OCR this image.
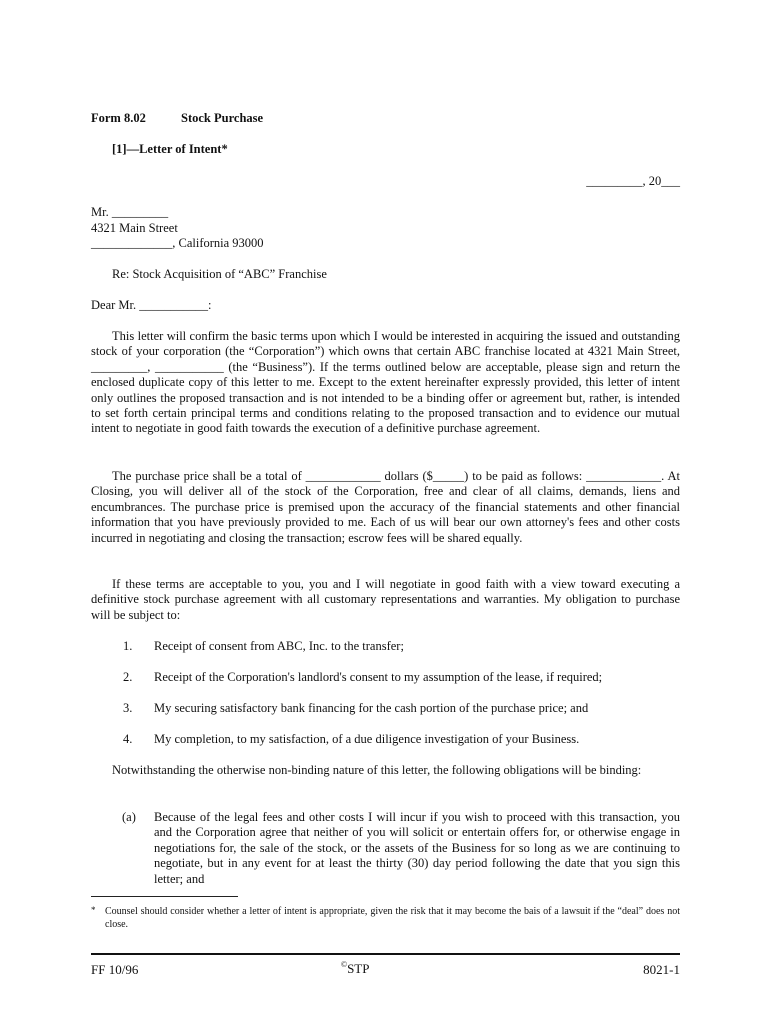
Form 8.02	Stock Purchase
[1]—Letter of Intent*
_________, 20___
Mr. _________
4321 Main Street
_____________, California 93000
Re: Stock Acquisition of “ABC” Franchise
Dear Mr. ___________:
This letter will confirm the basic terms upon which I would be interested in acquiring the issued and outstanding stock of your corporation (the “Corporation”) which owns that certain ABC franchise located at 4321 Main Street, _________, ___________ (the “Business”). If the terms outlined below are acceptable, please sign and return the enclosed duplicate copy of this letter to me. Except to the extent hereinafter expressly provided, this letter of intent only outlines the proposed transaction and is not intended to be a binding offer or agreement but, rather, is intended to set forth certain principal terms and conditions relating to the proposed transaction and to evidence our mutual intent to negotiate in good faith towards the execution of a definitive purchase agreement.
The purchase price shall be a total of ____________ dollars ($_____) to be paid as follows: ____________. At Closing, you will deliver all of the stock of the Corporation, free and clear of all claims, demands, liens and encumbrances. The purchase price is premised upon the accuracy of the financial statements and other financial information that you have previously provided to me. Each of us will bear our own attorney's fees and other costs incurred in negotiating and closing the transaction; escrow fees will be shared equally.
If these terms are acceptable to you, you and I will negotiate in good faith with a view toward executing a definitive stock purchase agreement with all customary representations and warranties. My obligation to purchase will be subject to:
1. Receipt of consent from ABC, Inc. to the transfer;
2. Receipt of the Corporation's landlord's consent to my assumption of the lease, if required;
3. My securing satisfactory bank financing for the cash portion of the purchase price; and
4. My completion, to my satisfaction, of a due diligence investigation of your Business.
Notwithstanding the otherwise non-binding nature of this letter, the following obligations will be binding:
(a) Because of the legal fees and other costs I will incur if you wish to proceed with this transaction, you and the Corporation agree that neither of you will solicit or entertain offers for, or otherwise engage in negotiations for, the sale of the stock, or the assets of the Business for so long as we are continuing to negotiate, but in any event for at least the thirty (30) day period following the date that you sign this letter; and
* Counsel should consider whether a letter of intent is appropriate, given the risk that it may become the bais of a lawsuit if the “deal” does not close.
FF 10/96	©STP	8021-1
